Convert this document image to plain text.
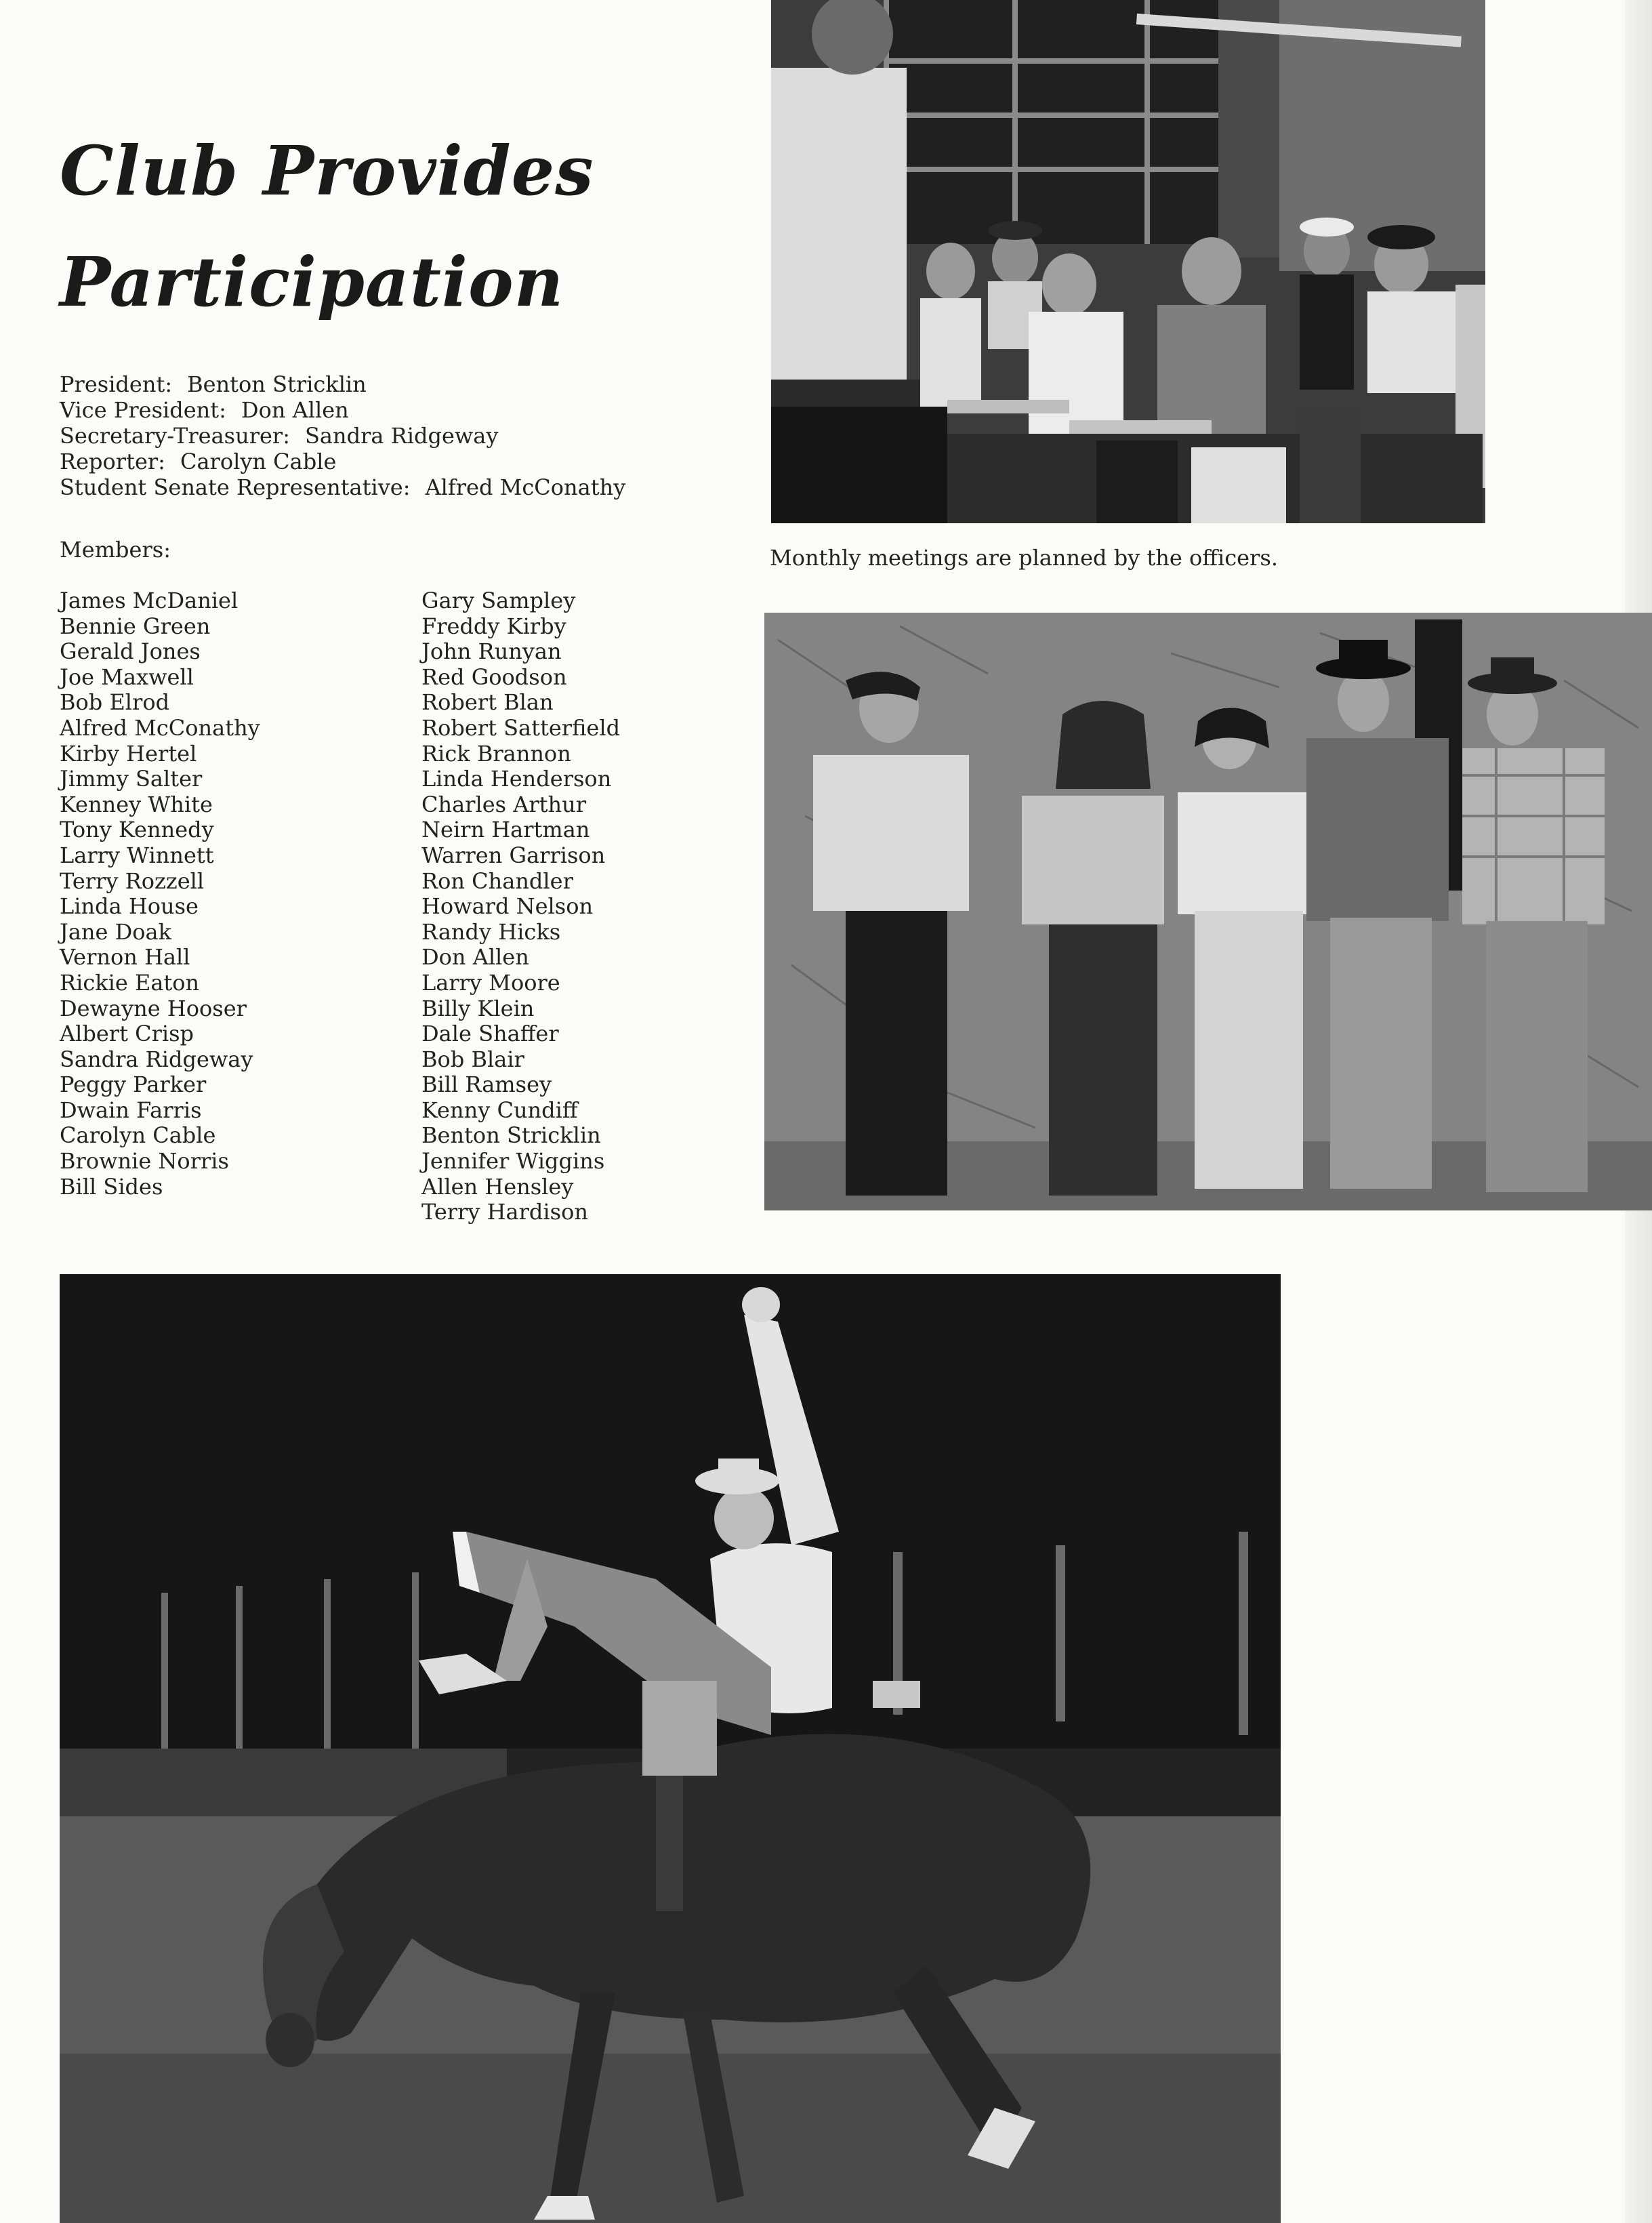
Club Provides
Participation
President: Benton Stricklin
Vice President: Don Allen
Secretary-Treasurer: Sandra Ridgeway
Reporter: Carolyn Cable
Student Senate Representative: Alfred McConathy
Members:
James McDaniel
Bennie Green
Gerald Jones
Joe Maxwell
Bob Elrod
Alfred McConathy
Kirby Hertel
Jimmy Salter
Kenney White
Tony Kennedy
Larry Winnett
Terry Rozzell
Linda House
Jane Doak
Vernon Hall
Rickie Eaton
Dewayne Hooser
Albert Crisp
Sandra Ridgeway
Peggy Parker
Dwain Farris
Carolyn Cable
Brownie Norris
Bill Sides
Gary Sampley
Freddy Kirby
John Runyan
Red Goodson
Robert Blan
Robert Satterfield
Rick Brannon
Linda Henderson
Charles Arthur
Neirn Hartman
Warren Garrison
Ron Chandler
Howard Nelson
Randy Hicks
Don Allen
Larry Moore
Billy Klein
Dale Shaffer
Bob Blair
Bill Ramsey
Kenny Cundiff
Benton Stricklin
Jennifer Wiggins
Allen Hensley
Terry Hardison
Monthly meetings are planned by the officers.
